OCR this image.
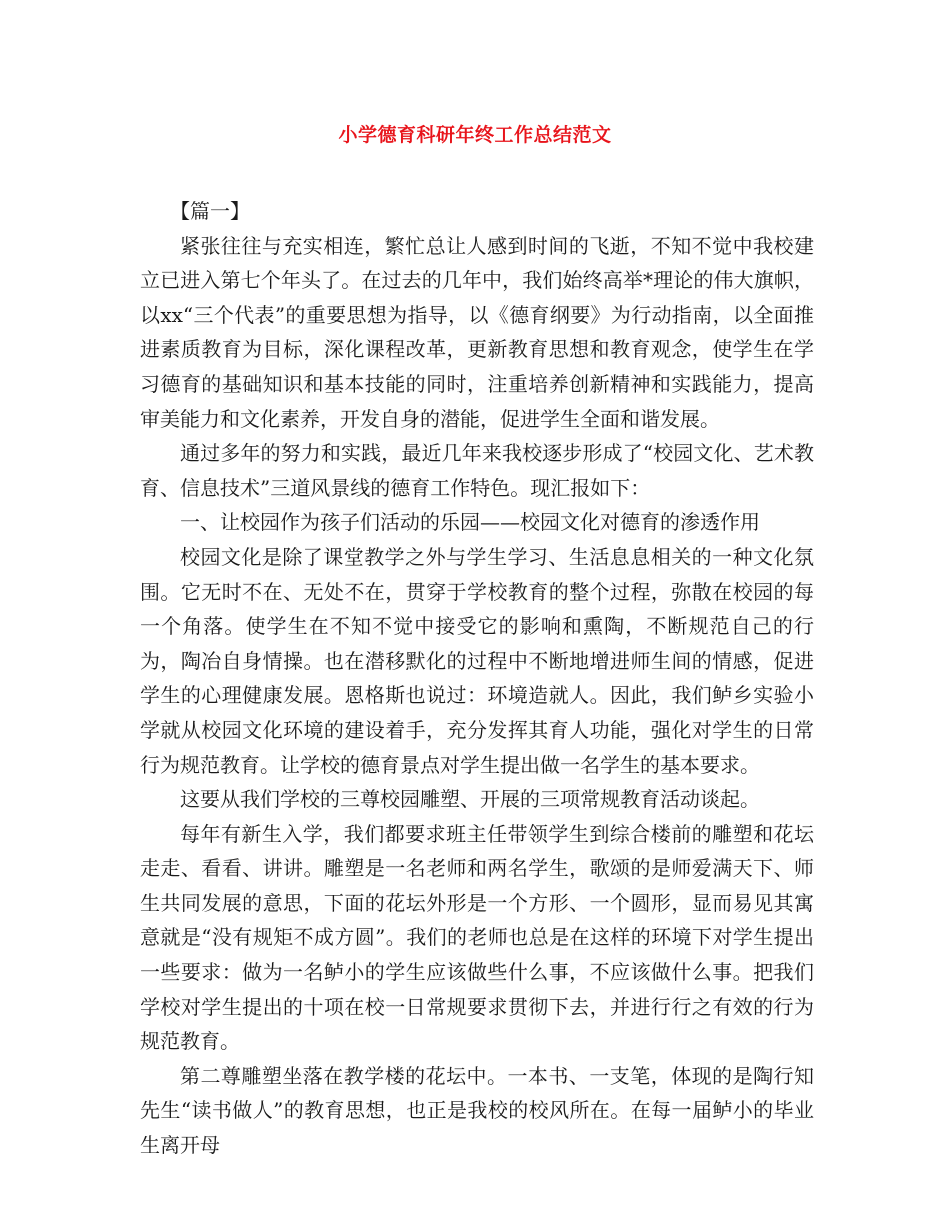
小学德育科研年终工作总结范文

【篇一】

紧张往往与充实相连，繁忙总让人感到时间的飞逝，不知不觉中我校建立已进入第七个年头了。在过去的几年中，我们始终高举*理论的伟大旗帜，以xx“三个代表”的重要思想为指导，以《德育纲要》为行动指南，以全面推进素质教育为目标，深化课程改革，更新教育思想和教育观念，使学生在学习德育的基础知识和基本技能的同时，注重培养创新精神和实践能力，提高审美能力和文化素养，开发自身的潜能，促进学生全面和谐发展。

通过多年的努力和实践，最近几年来我校逐步形成了“校园文化、艺术教育、信息技术”三道风景线的德育工作特色。现汇报如下：

一、让校园作为孩子们活动的乐园——校园文化对德育的渗透作用

校园文化是除了课堂教学之外与学生学习、生活息息相关的一种文化氛围。它无时不在、无处不在，贯穿于学校教育的整个过程，弥散在校园的每一个角落。使学生在不知不觉中接受它的影响和熏陶，不断规范自己的行为，陶冶自身情操。也在潜移默化的过程中不断地增进师生间的情感，促进学生的心理健康发展。恩格斯也说过：环境造就人。因此，我们鲈乡实验小学就从校园文化环境的建设着手，充分发挥其育人功能，强化对学生的日常行为规范教育。让学校的德育景点对学生提出做一名学生的基本要求。

这要从我们学校的三尊校园雕塑、开展的三项常规教育活动谈起。

每年有新生入学，我们都要求班主任带领学生到综合楼前的雕塑和花坛走走、看看、讲讲。雕塑是一名老师和两名学生，歌颂的是师爱满天下、师生共同发展的意思，下面的花坛外形是一个方形、一个圆形，显而易见其寓意就是“没有规矩不成方圆”。我们的老师也总是在这样的环境下对学生提出一些要求：做为一名鲈小的学生应该做些什么事，不应该做什么事。把我们学校对学生提出的十项在校一日常规要求贯彻下去，并进行行之有效的行为规范教育。

第二尊雕塑坐落在教学楼的花坛中。一本书、一支笔，体现的是陶行知先生“读书做人”的教育思想，也正是我校的校风所在。在每一届鲈小的毕业生离开母
